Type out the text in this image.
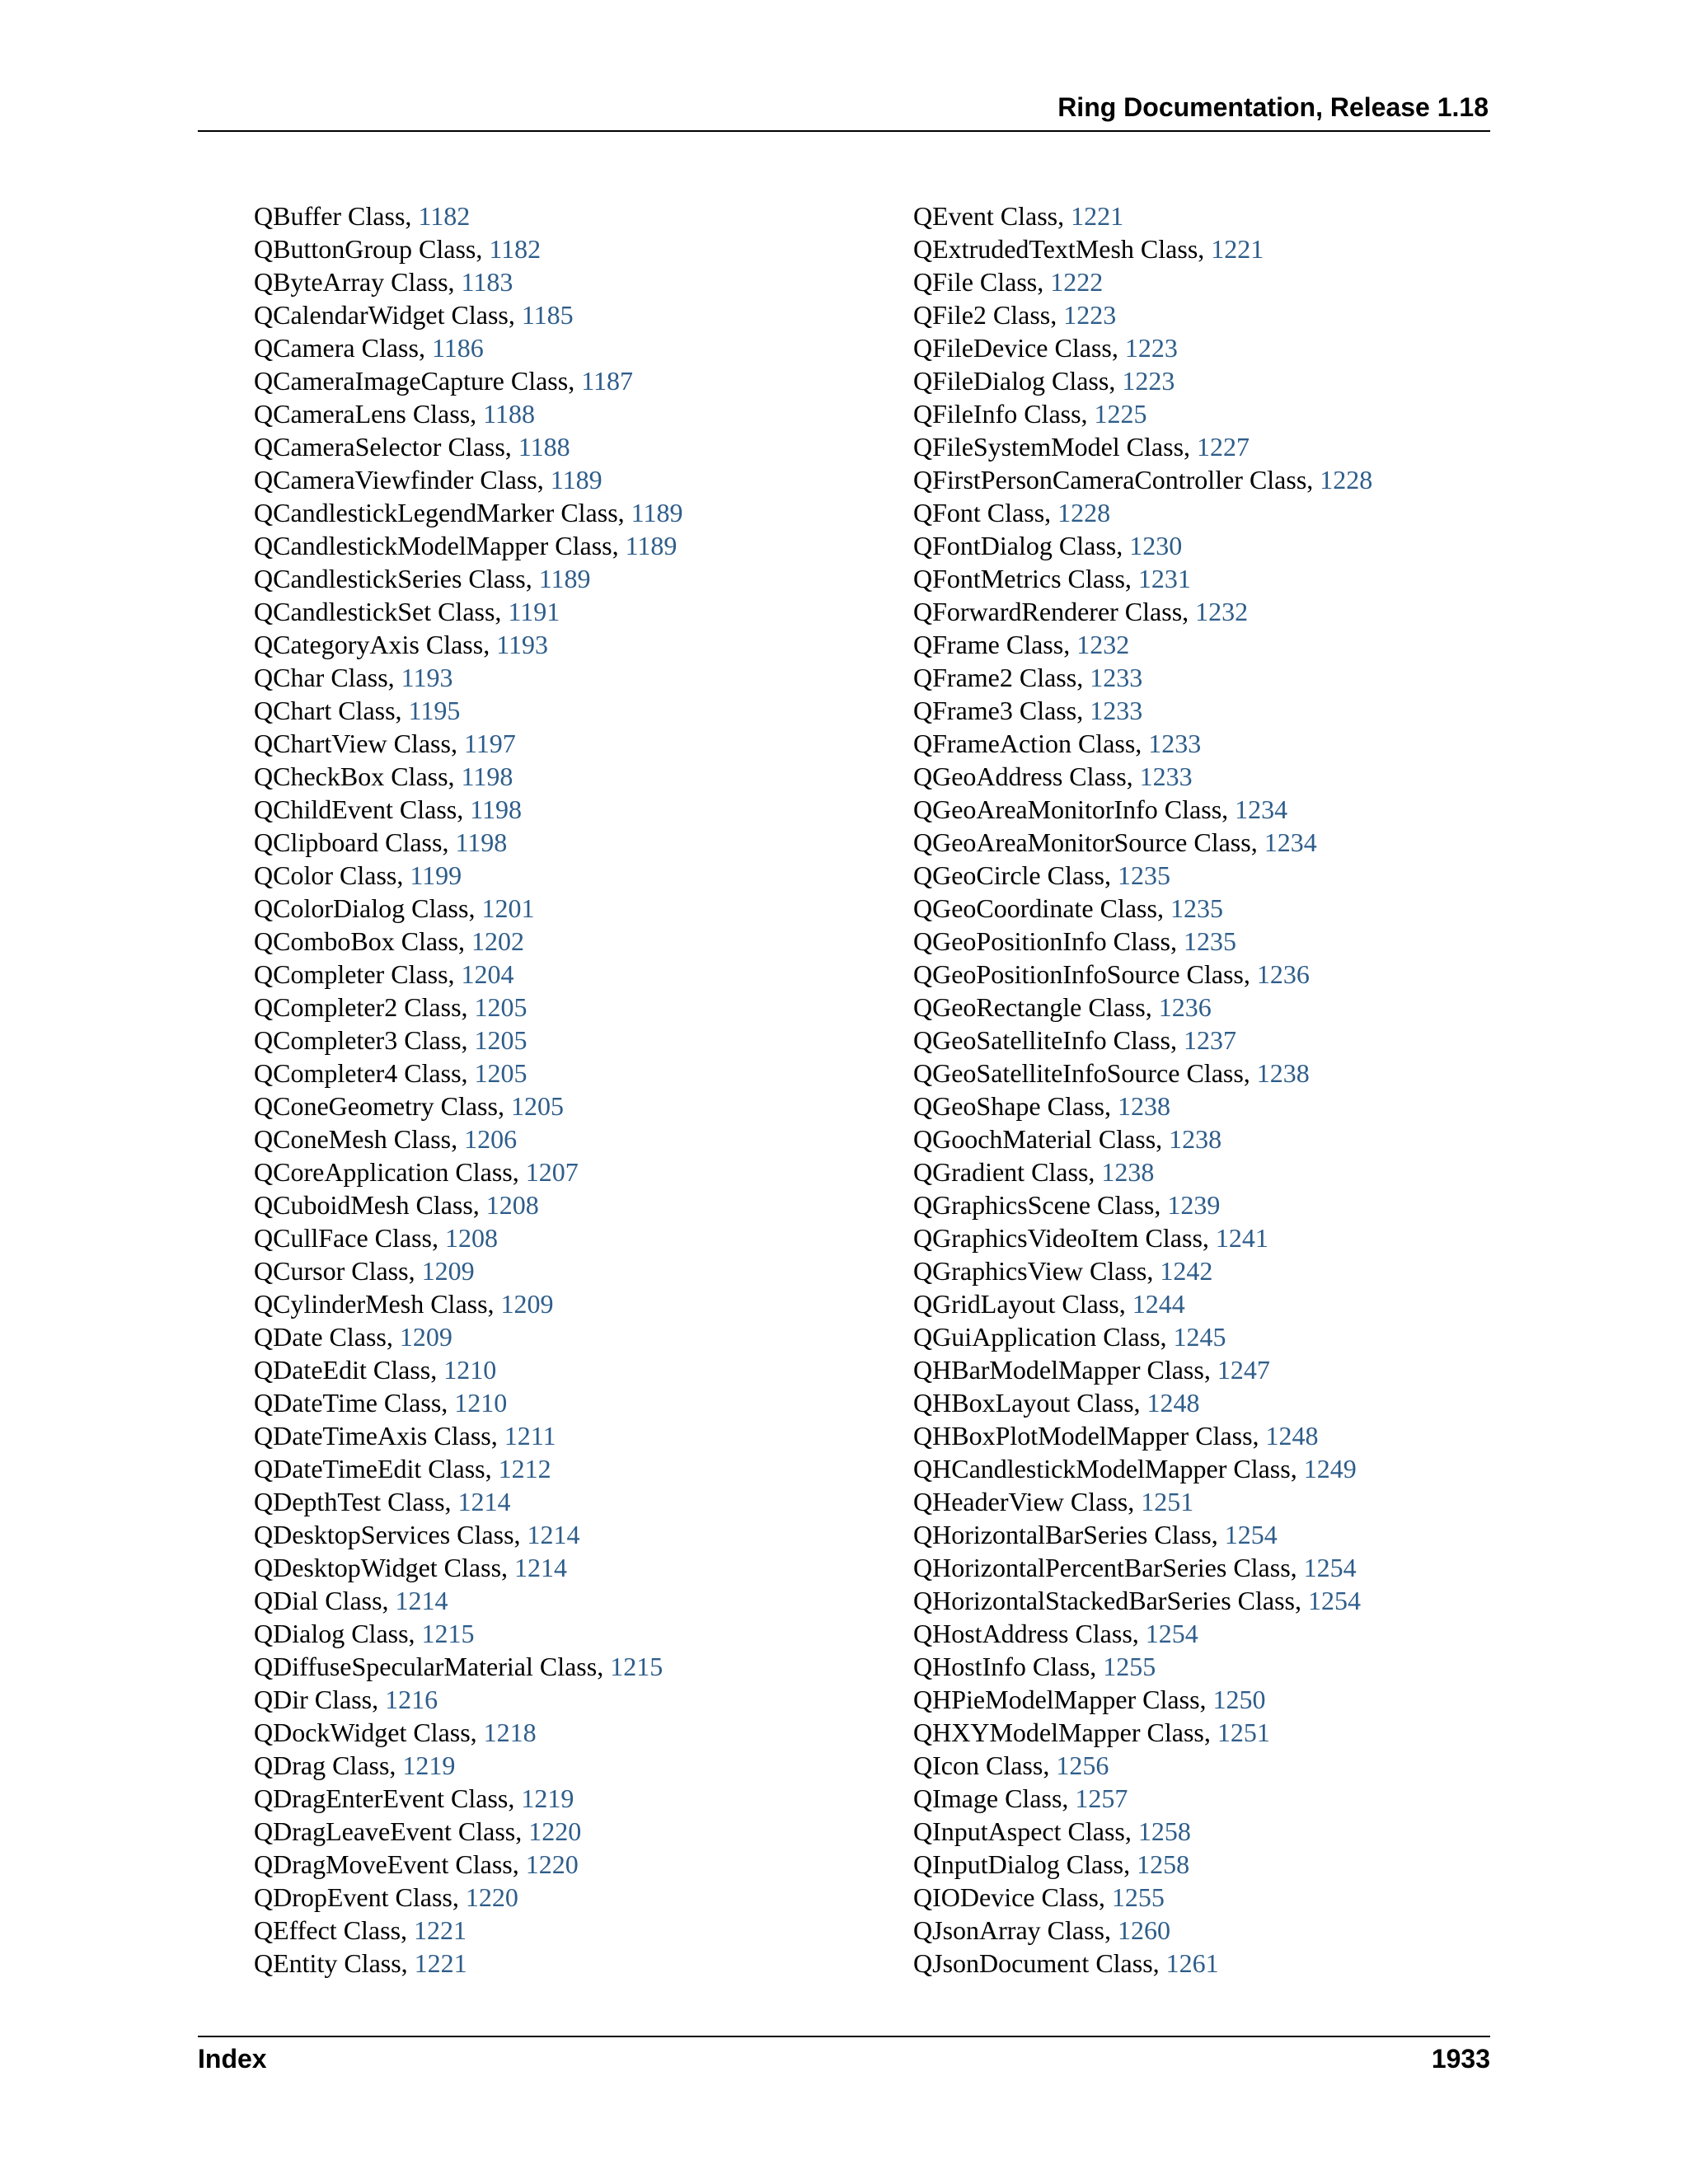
Ring Documentation, Release 1.18
QBuffer Class, 1182
QButtonGroup Class, 1182
QByteArray Class, 1183
QCalendarWidget Class, 1185
QCamera Class, 1186
QCameraImageCapture Class, 1187
QCameraLens Class, 1188
QCameraSelector Class, 1188
QCameraViewfinder Class, 1189
QCandlestickLegendMarker Class, 1189
QCandlestickModelMapper Class, 1189
QCandlestickSeries Class, 1189
QCandlestickSet Class, 1191
QCategoryAxis Class, 1193
QChar Class, 1193
QChart Class, 1195
QChartView Class, 1197
QCheckBox Class, 1198
QChildEvent Class, 1198
QClipboard Class, 1198
QColor Class, 1199
QColorDialog Class, 1201
QComboBox Class, 1202
QCompleter Class, 1204
QCompleter2 Class, 1205
QCompleter3 Class, 1205
QCompleter4 Class, 1205
QConeGeometry Class, 1205
QConeMesh Class, 1206
QCoreApplication Class, 1207
QCuboidMesh Class, 1208
QCullFace Class, 1208
QCursor Class, 1209
QCylinderMesh Class, 1209
QDate Class, 1209
QDateEdit Class, 1210
QDateTime Class, 1210
QDateTimeAxis Class, 1211
QDateTimeEdit Class, 1212
QDepthTest Class, 1214
QDesktopServices Class, 1214
QDesktopWidget Class, 1214
QDial Class, 1214
QDialog Class, 1215
QDiffuseSpecularMaterial Class, 1215
QDir Class, 1216
QDockWidget Class, 1218
QDrag Class, 1219
QDragEnterEvent Class, 1219
QDragLeaveEvent Class, 1220
QDragMoveEvent Class, 1220
QDropEvent Class, 1220
QEffect Class, 1221
QEntity Class, 1221
QEvent Class, 1221
QExtrudedTextMesh Class, 1221
QFile Class, 1222
QFile2 Class, 1223
QFileDevice Class, 1223
QFileDialog Class, 1223
QFileInfo Class, 1225
QFileSystemModel Class, 1227
QFirstPersonCameraController Class, 1228
QFont Class, 1228
QFontDialog Class, 1230
QFontMetrics Class, 1231
QForwardRenderer Class, 1232
QFrame Class, 1232
QFrame2 Class, 1233
QFrame3 Class, 1233
QFrameAction Class, 1233
QGeoAddress Class, 1233
QGeoAreaMonitorInfo Class, 1234
QGeoAreaMonitorSource Class, 1234
QGeoCircle Class, 1235
QGeoCoordinate Class, 1235
QGeoPositionInfo Class, 1235
QGeoPositionInfoSource Class, 1236
QGeoRectangle Class, 1236
QGeoSatelliteInfo Class, 1237
QGeoSatelliteInfoSource Class, 1238
QGeoShape Class, 1238
QGoochMaterial Class, 1238
QGradient Class, 1238
QGraphicsScene Class, 1239
QGraphicsVideoItem Class, 1241
QGraphicsView Class, 1242
QGridLayout Class, 1244
QGuiApplication Class, 1245
QHBarModelMapper Class, 1247
QHBoxLayout Class, 1248
QHBoxPlotModelMapper Class, 1248
QHCandlestickModelMapper Class, 1249
QHeaderView Class, 1251
QHorizontalBarSeries Class, 1254
QHorizontalPercentBarSeries Class, 1254
QHorizontalStackedBarSeries Class, 1254
QHostAddress Class, 1254
QHostInfo Class, 1255
QHPieModelMapper Class, 1250
QHXYModelMapper Class, 1251
QIcon Class, 1256
QImage Class, 1257
QInputAspect Class, 1258
QInputDialog Class, 1258
QIODevice Class, 1255
QJsonArray Class, 1260
QJsonDocument Class, 1261
Index	1933
